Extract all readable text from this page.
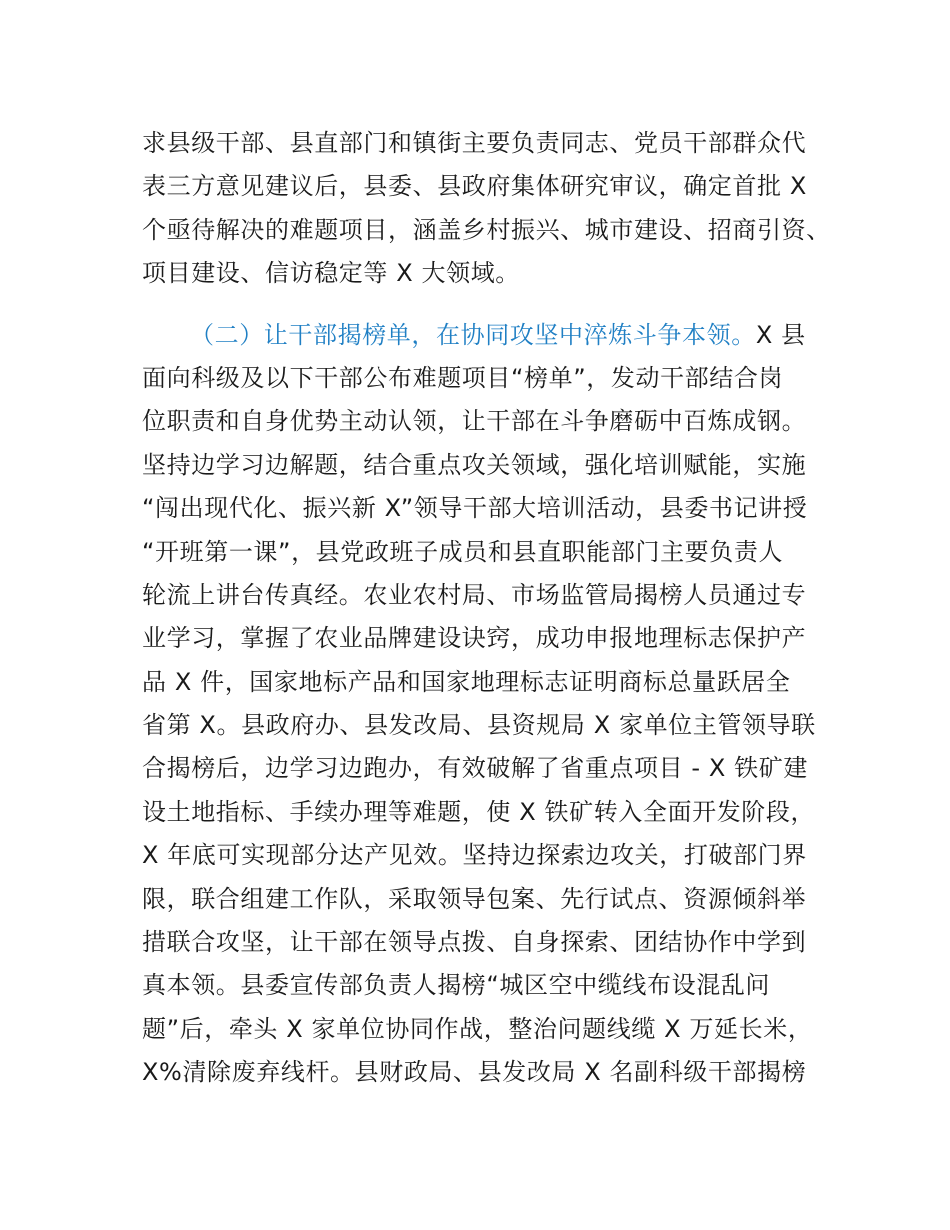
求县级干部、县直部门和镇街主要负责同志、党员干部群众代
表三方意见建议后，县委、县政府集体研究审议，确定首批 X
个亟待解决的难题项目，涵盖乡村振兴、城市建设、招商引资、
项目建设、信访稳定等 X 大领域。
（二）让干部揭榜单，在协同攻坚中淬炼斗争本领。X 县
面向科级及以下干部公布难题项目“榜单”，发动干部结合岗
位职责和自身优势主动认领，让干部在斗争磨砺中百炼成钢。
坚持边学习边解题，结合重点攻关领域，强化培训赋能，实施
“闯出现代化、振兴新 X”领导干部大培训活动，县委书记讲授
“开班第一课”，县党政班子成员和县直职能部门主要负责人
轮流上讲台传真经。农业农村局、市场监管局揭榜人员通过专
业学习，掌握了农业品牌建设诀窍，成功申报地理标志保护产
品 X 件，国家地标产品和国家地理标志证明商标总量跃居全
省第 X。县政府办、县发改局、县资规局 X 家单位主管领导联
合揭榜后，边学习边跑办，有效破解了省重点项目 - X 铁矿建
设土地指标、手续办理等难题，使 X 铁矿转入全面开发阶段，
X 年底可实现部分达产见效。坚持边探索边攻关，打破部门界
限，联合组建工作队，采取领导包案、先行试点、资源倾斜举
措联合攻坚，让干部在领导点拨、自身探索、团结协作中学到
真本领。县委宣传部负责人揭榜“城区空中缆线布设混乱问
题”后，牵头 X 家单位协同作战，整治问题线缆 X 万延长米，
X%清除废弃线杆。县财政局、县发改局 X 名副科级干部揭榜
